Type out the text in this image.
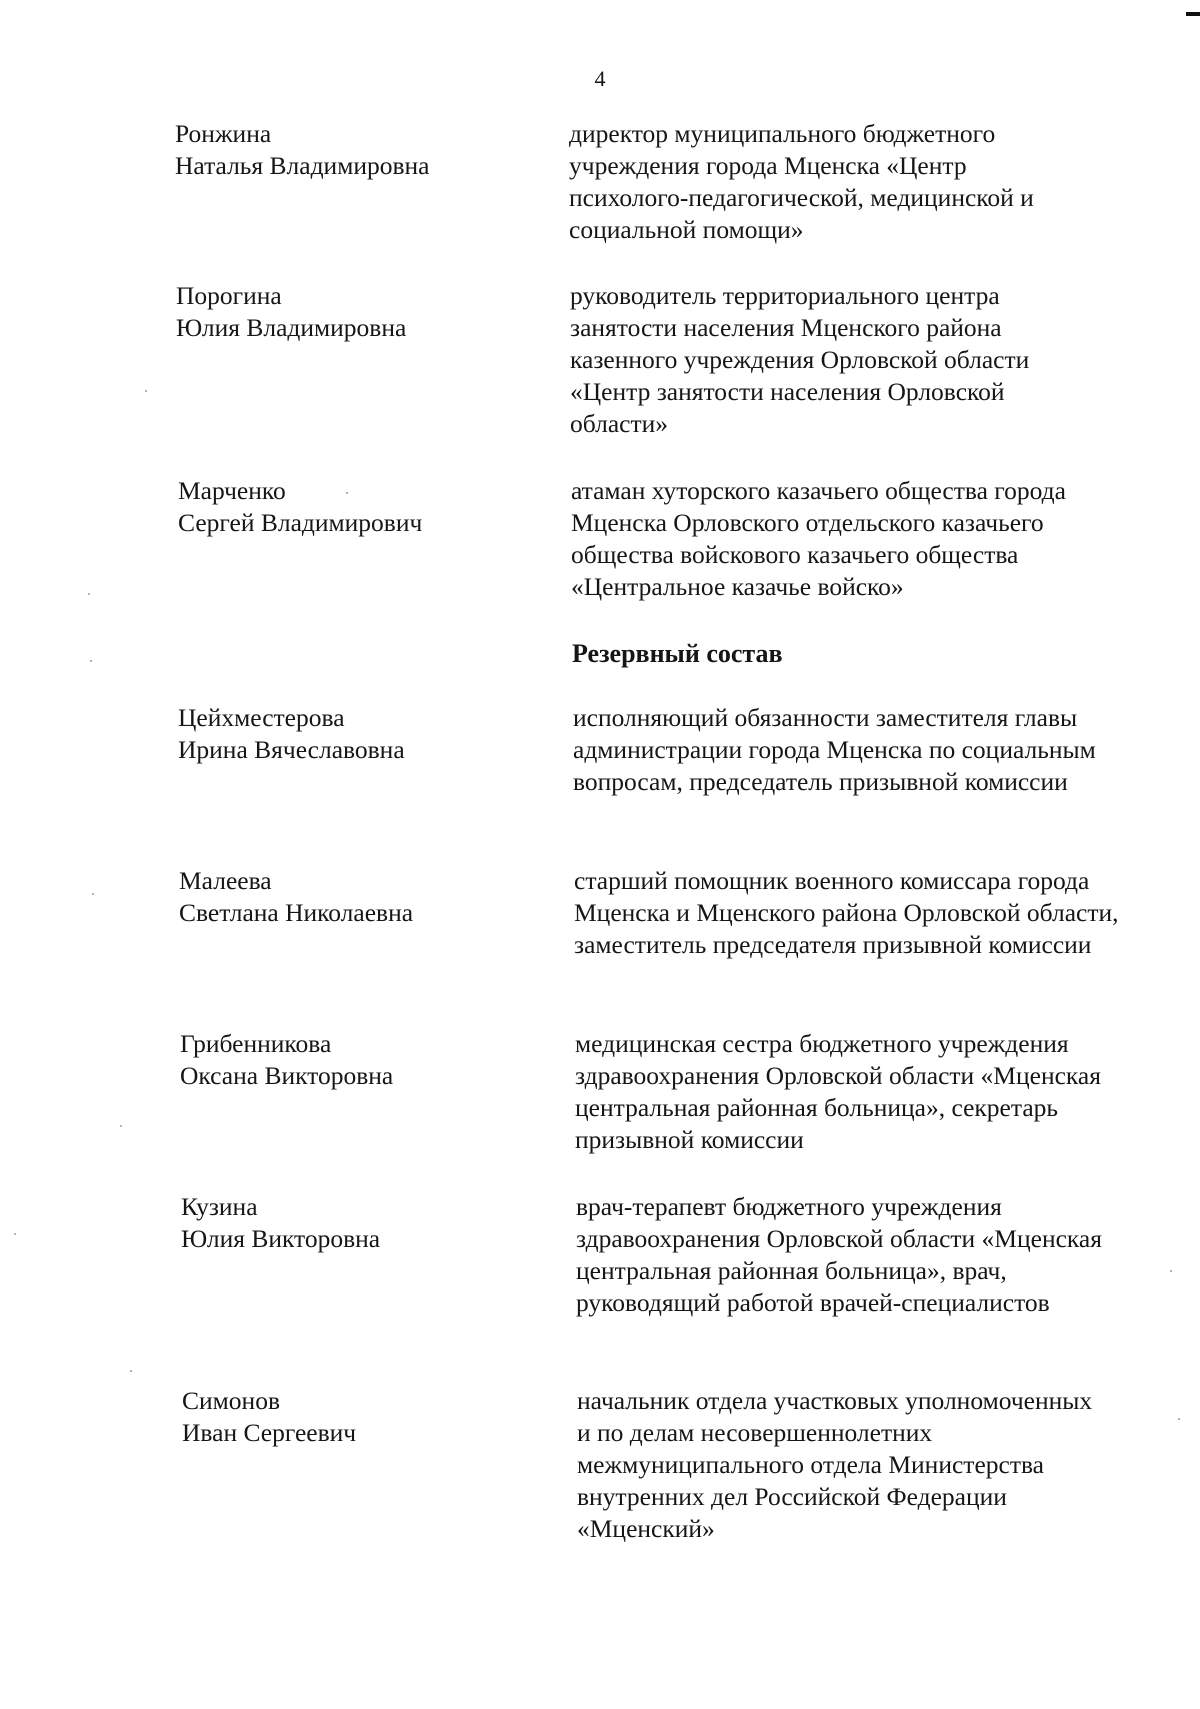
4
Ронжина
Наталья Владимировна
директор муниципального бюджетного учреждения города Мценска «Центр психолого-педагогической, медицинской и социальной помощи»
Порогина
Юлия Владимировна
руководитель территориального центра занятости населения Мценского района казенного учреждения Орловской области «Центр занятости населения Орловской области»
Марченко
Сергей Владимирович
атаман хуторского казачьего общества города Мценска Орловского отдельского казачьего общества войскового казачьего общества «Центральное казачье войско»
Резервный состав
Цейхместерова
Ирина Вячеславовна
исполняющий обязанности заместителя главы администрации города Мценска по социальным вопросам, председатель призывной комиссии
Малеева
Светлана Николаевна
старший помощник военного комиссара города Мценска и Мценского района Орловской области, заместитель председателя призывной комиссии
Грибенникова
Оксана Викторовна
медицинская сестра бюджетного учреждения здравоохранения Орловской области «Мценская центральная районная больница», секретарь призывной комиссии
Кузина
Юлия Викторовна
врач-терапевт бюджетного учреждения здравоохранения Орловской области «Мценская центральная районная больница», врач, руководящий работой врачей-специалистов
Симонов
Иван Сергеевич
начальник отдела участковых уполномоченных и по делам несовершеннолетних межмуниципального отдела Министерства внутренних дел Российской Федерации «Мценский»
